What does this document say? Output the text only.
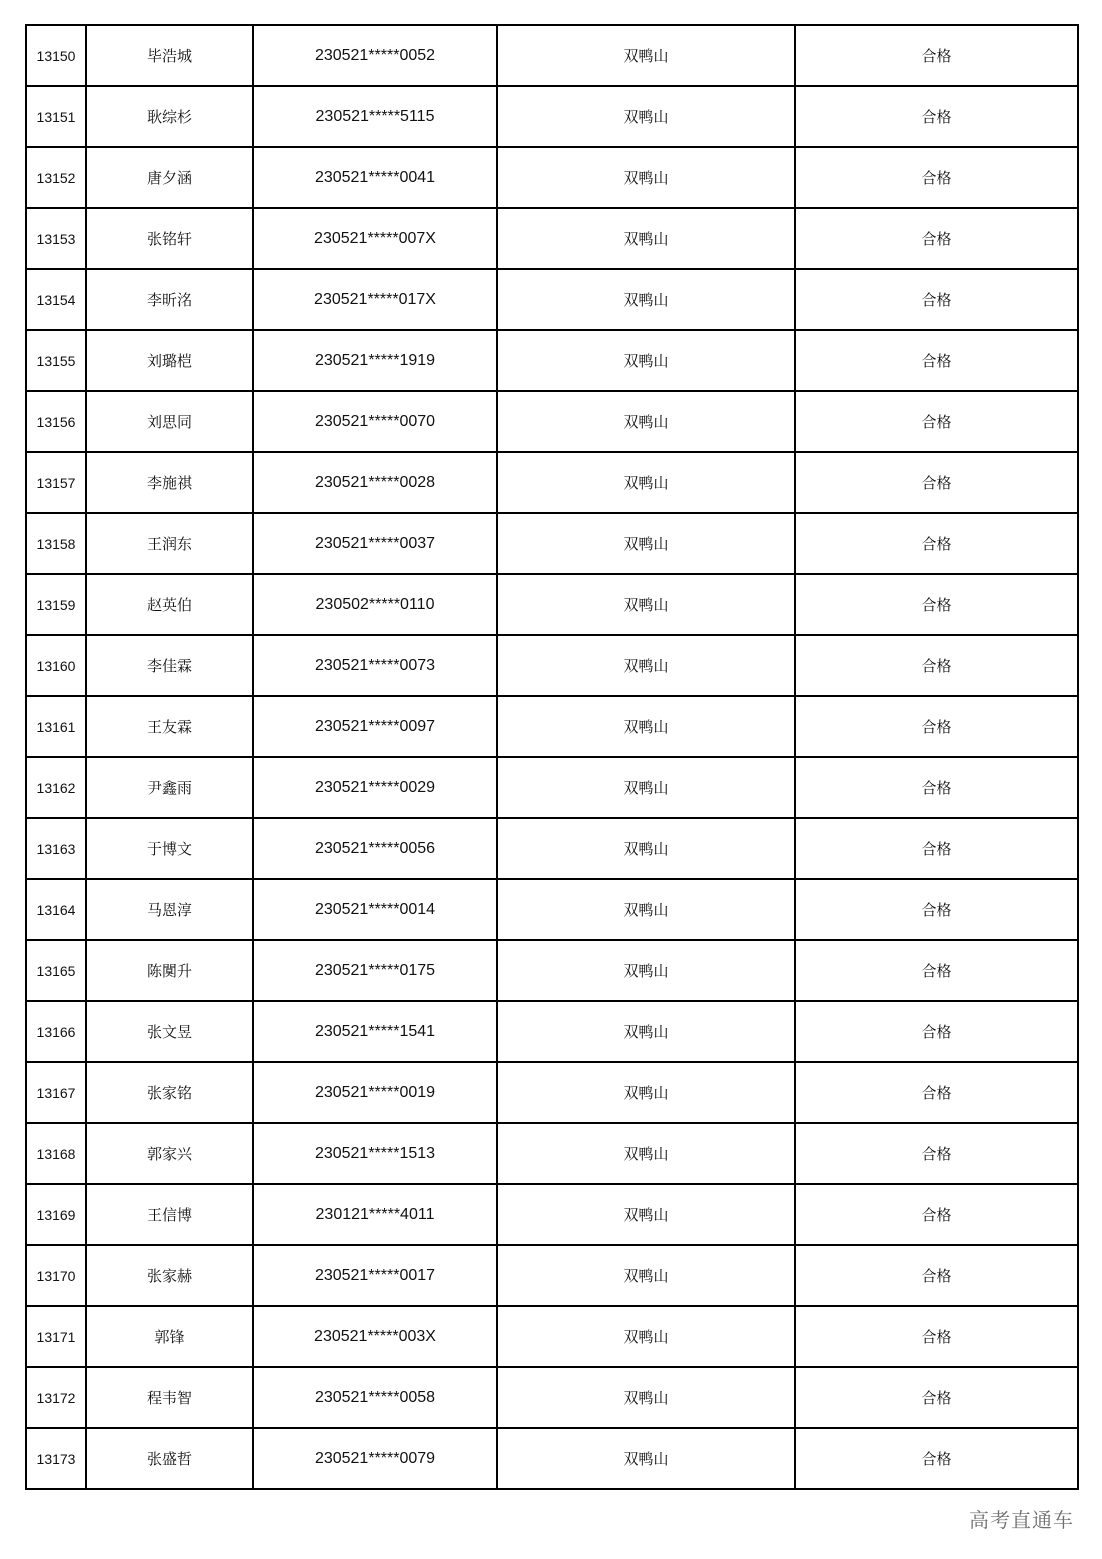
13150	毕浩城	230521*****0052	双鸭山	合格
13151	耿综杉	230521*****5115	双鸭山	合格
13152	唐夕涵	230521*****0041	双鸭山	合格
13153	张铭轩	230521*****007X	双鸭山	合格
13154	李昕洺	230521*****017X	双鸭山	合格
13155	刘璐桤	230521*****1919	双鸭山	合格
13156	刘思同	230521*****0070	双鸭山	合格
13157	李施祺	230521*****0028	双鸭山	合格
13158	王润东	230521*****0037	双鸭山	合格
13159	赵英伯	230502*****0110	双鸭山	合格
13160	李佳霖	230521*****0073	双鸭山	合格
13161	王友霖	230521*****0097	双鸭山	合格
13162	尹鑫雨	230521*****0029	双鸭山	合格
13163	于博文	230521*****0056	双鸭山	合格
13164	马恩淳	230521*****0014	双鸭山	合格
13165	陈闃升	230521*****0175	双鸭山	合格
13166	张文昱	230521*****1541	双鸭山	合格
13167	张家铭	230521*****0019	双鸭山	合格
13168	郭家兴	230521*****1513	双鸭山	合格
13169	王信博	230121*****4011	双鸭山	合格
13170	张家赫	230521*****0017	双鸭山	合格
13171	郭锋	230521*****003X	双鸭山	合格
13172	程韦智	230521*****0058	双鸭山	合格
13173	张盛哲	230521*****0079	双鸭山	合格
高考直通车
